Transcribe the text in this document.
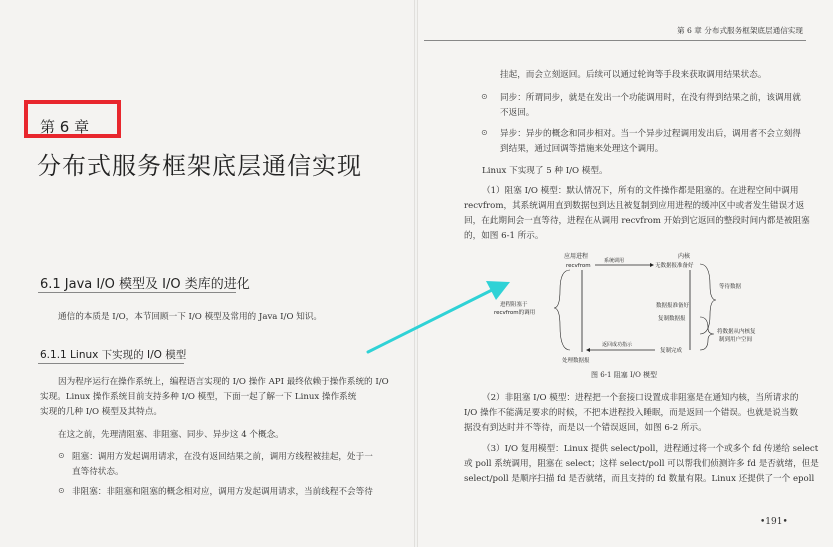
第 6 章
分布式服务框架底层通信实现
6.1 Java I/O 模型及 I/O 类库的进化
通信的本质是 I/O，本节回顾一下 I/O 模型及常用的 Java I/O 知识。
6.1.1 Linux 下实现的 I/O 模型
因为程序运行在操作系统上，编程语言实现的 I/O 操作 API 最终依赖于操作系统的 I/O
实现。Linux 操作系统目前支持多种 I/O 模型，下面一起了解一下 Linux 操作系统
实现的几种 I/O 模型及其特点。
在这之前，先理清阻塞、非阻塞、同步、异步这 4 个概念。
⊙ 阻塞：调用方发起调用请求，在没有返回结果之前，调用方线程被挂起，处于一
直等待状态。
⊙ 非阻塞：非阻塞和阻塞的概念相对应，调用方发起调用请求，当前线程不会等待
第 6 章 分布式服务框架底层通信实现
挂起，而会立刻返回。后续可以通过轮询等手段来获取调用结果状态。
⊙ 同步：所谓同步，就是在发出一个功能调用时，在没有得到结果之前，该调用就
不返回。
⊙ 异步：异步的概念和同步相对。当一个异步过程调用发出后，调用者不会立刻得
到结果，通过回调等措施来处理这个调用。
Linux 下实现了 5 种 I/O 模型。
（1）阻塞 I/O 模型：默认情况下，所有的文件操作都是阻塞的。在进程空间中调用
recvfrom，其系统调用直到数据包到达且被复制到应用进程的缓冲区中或者发生错误才返
回，在此期间会一直等待，进程在从调用 recvfrom 开始到它返回的整段时间内都是被阻塞
的，如图 6-1 所示。
应用进程
recvfrom
内核
系统调用
无数据报准备好
等待数据
进程阻塞于
recvfrom的调用
数据报准备好
复制数据报
将数据从内核复
制到用户空间
返回成功指示
复制完成
处理数据报
图 6-1 阻塞 I/O 模型
（2）非阻塞 I/O 模型：进程把一个套接口设置成非阻塞是在通知内核，当所请求的
I/O 操作不能满足要求的时候，不把本进程投入睡眠，而是返回一个错误。也就是说当数
据没有到达时并不等待，而是以一个错误返回，如图 6-2 所示。
（3）I/O 复用模型：Linux 提供 select/poll，进程通过将一个或多个 fd 传递给 select
或 poll 系统调用，阻塞在 select；这样 select/poll 可以帮我们侦测许多 fd 是否就绪，但是
select/poll 是顺序扫描 fd 是否就绪，而且支持的 fd 数量有限。Linux 还提供了一个 epoll
•191•
